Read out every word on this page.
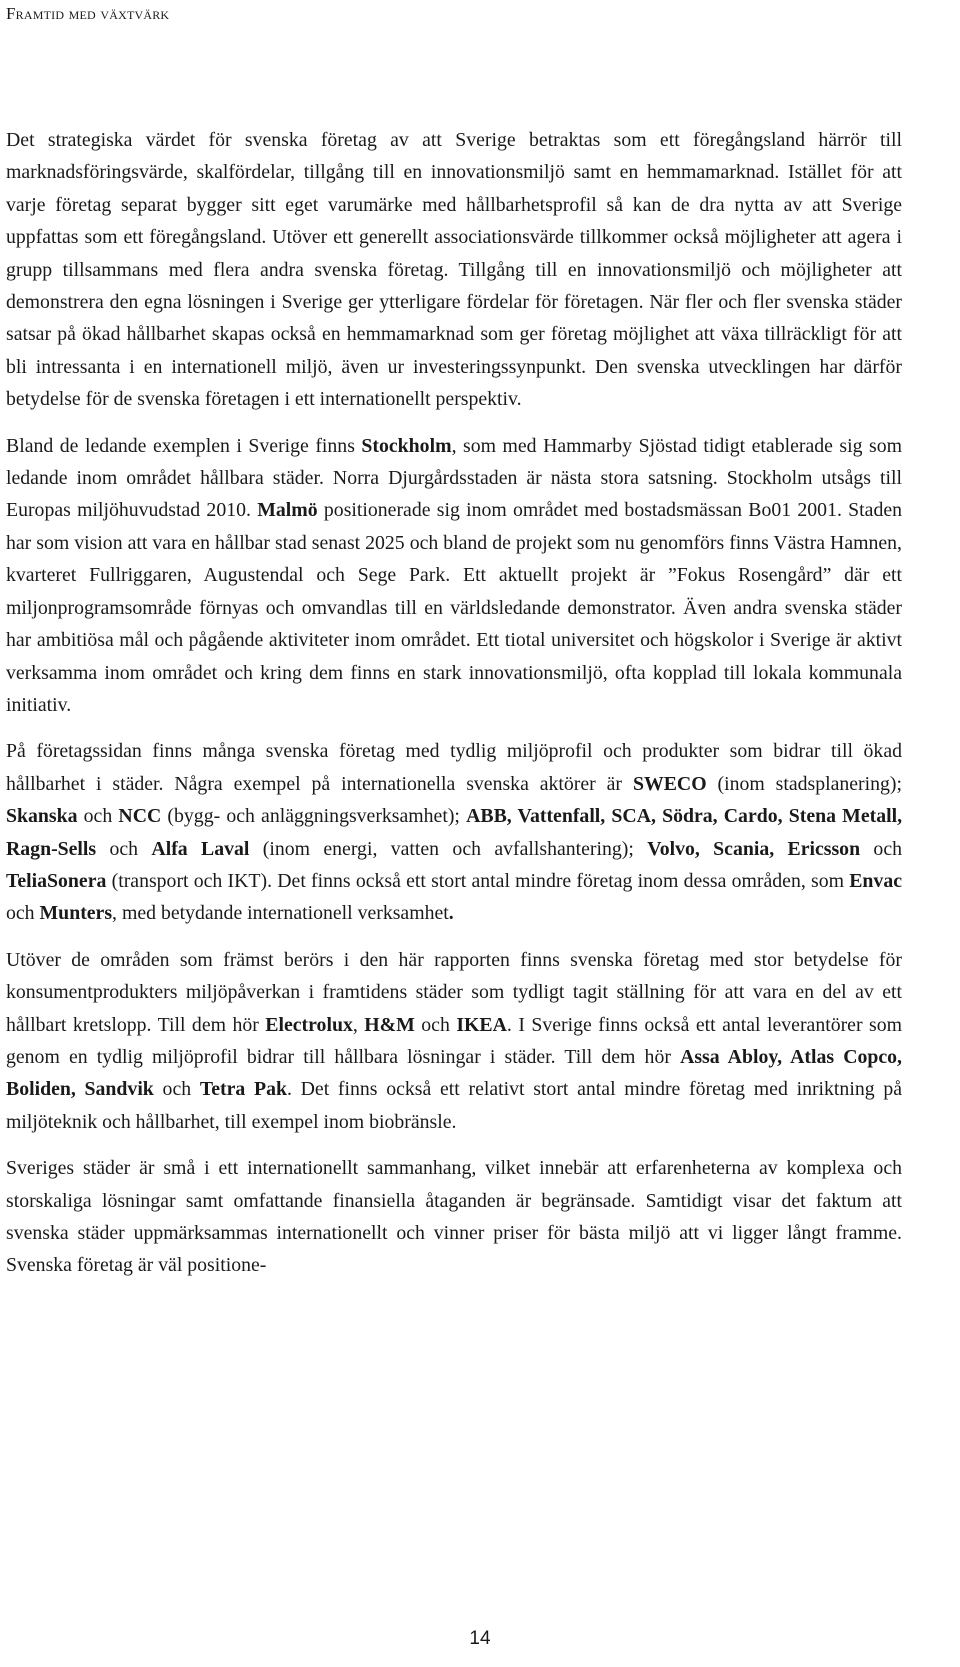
Framtid med växtvärk

Det strategiska värdet för svenska företag av att Sverige betraktas som ett föregångsland härrör till marknadsföringsvärde, skalfördelar, tillgång till en innovationsmiljö samt en hemmamarknad. Istället för att varje företag separat bygger sitt eget varumärke med hållbarhetsprofil så kan de dra nytta av att Sverige uppfattas som ett föregångsland. Utöver ett generellt associationsvärde tillkommer också möjligheter att agera i grupp tillsammans med flera andra svenska företag. Tillgång till en innovationsmiljö och möjligheter att demonstrera den egna lösningen i Sverige ger ytterligare fördelar för företagen. När fler och fler svenska städer satsar på ökad hållbarhet skapas också en hemmamarknad som ger företag möjlighet att växa tillräckligt för att bli intressanta i en internationell miljö, även ur investeringssynpunkt. Den svenska utvecklingen har därför betydelse för de svenska företagen i ett internationellt perspektiv.

Bland de ledande exemplen i Sverige finns Stockholm, som med Hammarby Sjöstad tidigt etablerade sig som ledande inom området hållbara städer. Norra Djurgårdsstaden är nästa stora satsning. Stockholm utsågs till Europas miljöhuvudstad 2010. Malmö positionerade sig inom området med bostadsmässan Bo01 2001. Staden har som vision att vara en hållbar stad senast 2025 och bland de projekt som nu genomförs finns Västra Hamnen, kvarteret Fullriggaren, Augustendal och Sege Park. Ett aktuellt projekt är ”Fokus Rosengård” där ett miljonprogramsområde förnyas och omvandlas till en världsledande demonstrator. Även andra svenska städer har ambitiösa mål och pågående aktiviteter inom området. Ett tiotal universitet och högskolor i Sverige är aktivt verksamma inom området och kring dem finns en stark innovationsmiljö, ofta kopplad till lokala kommunala initiativ.

På företagssidan finns många svenska företag med tydlig miljöprofil och produkter som bidrar till ökad hållbarhet i städer. Några exempel på internationella svenska aktörer är SWECO (inom stadsplanering); Skanska och NCC (bygg- och anläggningsverksamhet); ABB, Vattenfall, SCA, Södra, Cardo, Stena Metall, Ragn-Sells och Alfa Laval (inom energi, vatten och avfallshantering); Volvo, Scania, Ericsson och TeliaSonera (transport och IKT). Det finns också ett stort antal mindre företag inom dessa områden, som Envac och Munters, med betydande internationell verksamhet.

Utöver de områden som främst berörs i den här rapporten finns svenska företag med stor betydelse för konsumentprodukters miljöpåverkan i framtidens städer som tydligt tagit ställning för att vara en del av ett hållbart kretslopp. Till dem hör Electrolux, H&M och IKEA. I Sverige finns också ett antal leverantörer som genom en tydlig miljöprofil bidrar till hållbara lösningar i städer. Till dem hör Assa Abloy, Atlas Copco, Boliden, Sandvik och Tetra Pak. Det finns också ett relativt stort antal mindre företag med inriktning på miljöteknik och hållbarhet, till exempel inom biobränsle.

Sveriges städer är små i ett internationellt sammanhang, vilket innebär att erfarenheterna av komplexa och storskaliga lösningar samt omfattande finansiella åtaganden är begränsade. Samtidigt visar det faktum att svenska städer uppmärksammas internationellt och vinner priser för bästa miljö att vi ligger långt framme. Svenska företag är väl positione-

14
